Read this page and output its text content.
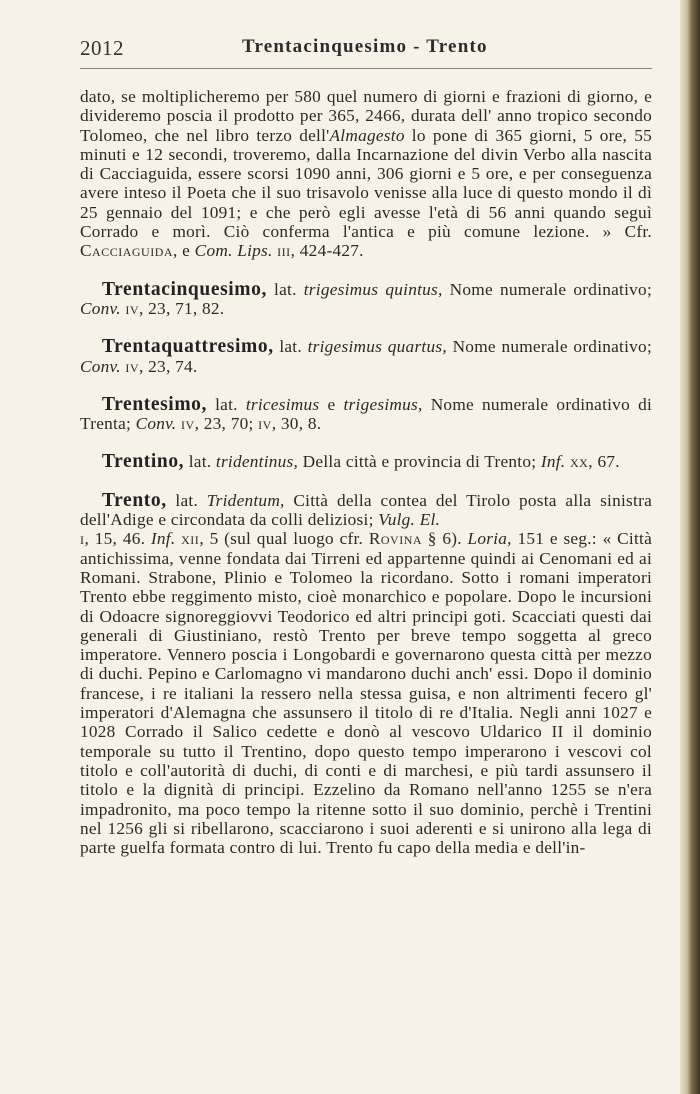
2012	Trentacinquesimo - Trento

dato, se moltiplicheremo per 580 quel numero di giorni e frazioni di giorno, e divideremo poscia il prodotto per 365, 2466, durata dell' anno tropico secondo Tolomeo, che nel libro terzo dell'Almagesto lo pone di 365 giorni, 5 ore, 55 minuti e 12 secondi, troveremo, dalla Incarnazione del divin Verbo alla nascita di Cacciaguida, essere scorsi 1090 anni, 306 giorni e 5 ore, e per conseguenza avere inteso il Poeta che il suo trisavolo venisse alla luce di questo mondo il dì 25 gennaio del 1091; e che però egli avesse l'età di 56 anni quando seguì Corrado e morì. Ciò conferma l'antica e più comune lezione. » Cfr. Cacciaguida, e Com. Lips. iii, 424-427.

Trentacinquesimo, lat. trigesimus quintus, Nome numerale ordinativo; Conv. iv, 23, 71, 82.

Trentaquattresimo, lat. trigesimus quartus, Nome numerale ordinativo; Conv. iv, 23, 74.

Trentesimo, lat. tricesimus e trigesimus, Nome numerale ordinativo di Trenta; Conv. iv, 23, 70; iv, 30, 8.

Trentino, lat. tridentinus, Della città e provincia di Trento; Inf. xx, 67.

Trento, lat. Tridentum, Città della contea del Tirolo posta alla sinistra dell'Adige e circondata da colli deliziosi; Vulg. El.
i, 15, 46. Inf. xii, 5 (sul qual luogo cfr. Rovina § 6). Loria, 151 e seg.: « Città antichissima, venne fondata dai Tirreni ed appartenne quindi ai Cenomani ed ai Romani. Strabone, Plinio e Tolomeo la ricordano. Sotto i romani imperatori Trento ebbe reggimento misto, cioè monarchico e popolare. Dopo le incursioni di Odoacre signoreggiovvi Teodorico ed altri principi goti. Scacciati questi dai generali di Giustiniano, restò Trento per breve tempo soggetta al greco imperatore. Vennero poscia i Longobardi e governarono questa città per mezzo di duchi. Pepino e Carlomagno vi mandarono duchi anch' essi. Dopo il dominio francese, i re italiani la ressero nella stessa guisa, e non altrimenti fecero gl' imperatori d'Alemagna che assunsero il titolo di re d'Italia. Negli anni 1027 e 1028 Corrado il Salico cedette e donò al vescovo Uldarico II il dominio temporale su tutto il Trentino, dopo questo tempo imperarono i vescovi col titolo e coll'autorità di duchi, di conti e di marchesi, e più tardi assunsero il titolo e la dignità di principi. Ezzelino da Romano nell'anno 1255 se n'era impadronito, ma poco tempo la ritenne sotto il suo dominio, perchè i Trentini nel 1256 gli si ribellarono, scacciarono i suoi aderenti e si unirono alla lega di parte guelfa formata contro di lui. Trento fu capo della media e dell'in-
